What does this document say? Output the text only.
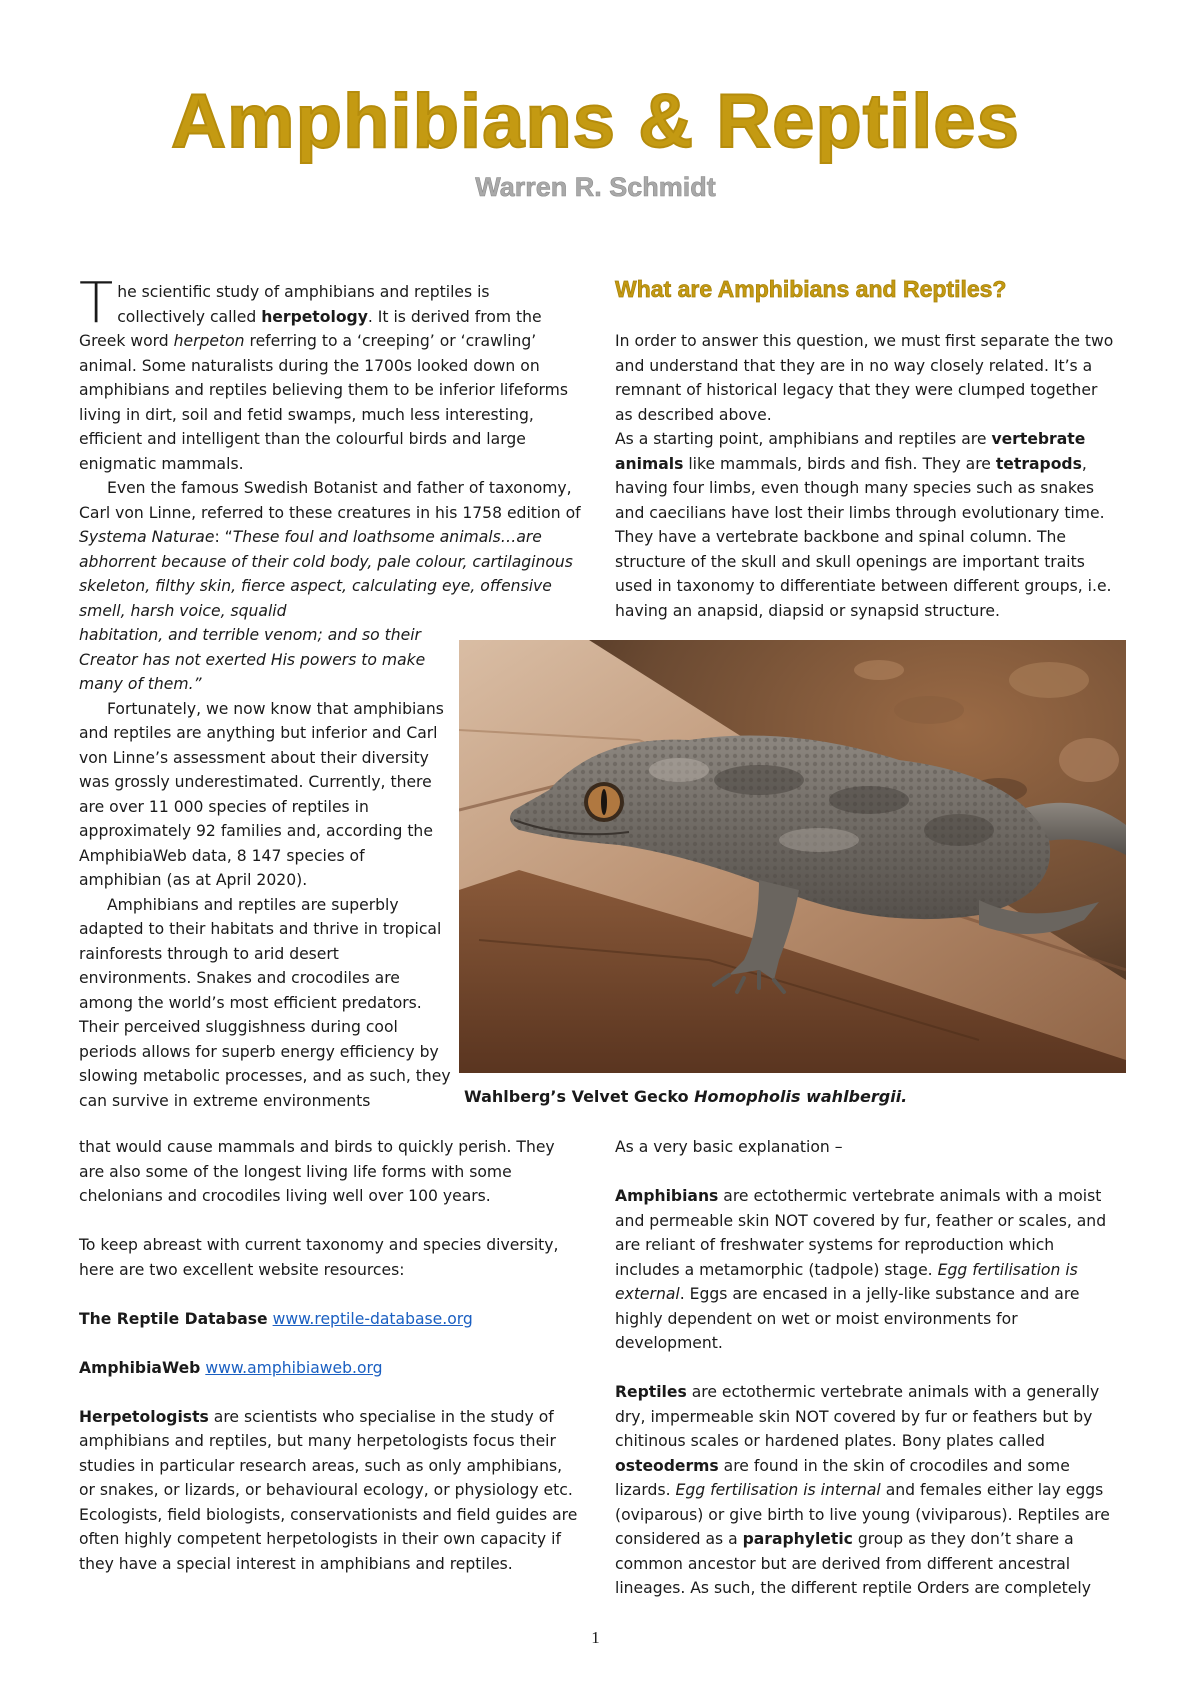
Amphibians & Reptiles
Warren R. Schmidt

The scientific study of amphibians and reptiles is collectively called herpetology. It is derived from the Greek word herpeton referring to a ‘creeping’ or ‘crawling’ animal. Some naturalists during the 1700s looked down on amphibians and reptiles believing them to be inferior lifeforms living in dirt, soil and fetid swamps, much less interesting, efficient and intelligent than the colourful birds and large enigmatic mammals.

Even the famous Swedish Botanist and father of taxonomy, Carl von Linne, referred to these creatures in his 1758 edition of Systema Naturae: “These foul and loathsome animals…are abhorrent because of their cold body, pale colour, cartilaginous skeleton, filthy skin, fierce aspect, calculating eye, offensive smell, harsh voice, squalid

habitation, and terrible venom; and so their Creator has not exerted His powers to make many of them.”

Fortunately, we now know that amphibians and reptiles are anything but inferior and Carl von Linne’s assessment about their diversity was grossly underestimated. Currently, there are over 11 000 species of reptiles in approximately 92 families and, according the AmphibiaWeb data, 8 147 species of amphibian (as at April 2020).

Amphibians and reptiles are superbly adapted to their habitats and thrive in tropical rainforests through to arid desert environments. Snakes and crocodiles are among the world’s most efficient predators. Their perceived sluggishness during cool periods allows for superb energy efficiency by slowing metabolic processes, and as such, they can survive in extreme environments

that would cause mammals and birds to quickly perish. They are also some of the longest living life forms with some chelonians and crocodiles living well over 100 years.

To keep abreast with current taxonomy and species diversity, here are two excellent website resources:

The Reptile Database www.reptile-database.org

AmphibiaWeb www.amphibiaweb.org

Herpetologists are scientists who specialise in the study of amphibians and reptiles, but many herpetologists focus their studies in particular research areas, such as only amphibians, or snakes, or lizards, or behavioural ecology, or physiology etc. Ecologists, field biologists, conservationists and field guides are often highly competent herpetologists in their own capacity if they have a special interest in amphibians and reptiles.

What are Amphibians and Reptiles?

In order to answer this question, we must first separate the two and understand that they are in no way closely related. It’s a remnant of historical legacy that they were clumped together as described above.

As a starting point, amphibians and reptiles are vertebrate animals like mammals, birds and fish. They are tetrapods, having four limbs, even though many species such as snakes and caecilians have lost their limbs through evolutionary time. They have a vertebrate backbone and spinal column. The structure of the skull and skull openings are important traits used in taxonomy to differentiate between different groups, i.e. having an anapsid, diapsid or synapsid structure.

Wahlberg’s Velvet Gecko Homopholis wahlbergii.

As a very basic explanation –

Amphibians are ectothermic vertebrate animals with a moist and permeable skin NOT covered by fur, feather or scales, and are reliant of freshwater systems for reproduction which includes a metamorphic (tadpole) stage. Egg fertilisation is external. Eggs are encased in a jelly-like substance and are highly dependent on wet or moist environments for development.

Reptiles are ectothermic vertebrate animals with a generally dry, impermeable skin NOT covered by fur or feathers but by chitinous scales or hardened plates. Bony plates called osteoderms are found in the skin of crocodiles and some lizards. Egg fertilisation is internal and females either lay eggs (oviparous) or give birth to live young (viviparous). Reptiles are considered as a paraphyletic group as they don’t share a common ancestor but are derived from different ancestral lineages. As such, the different reptile Orders are completely

1
